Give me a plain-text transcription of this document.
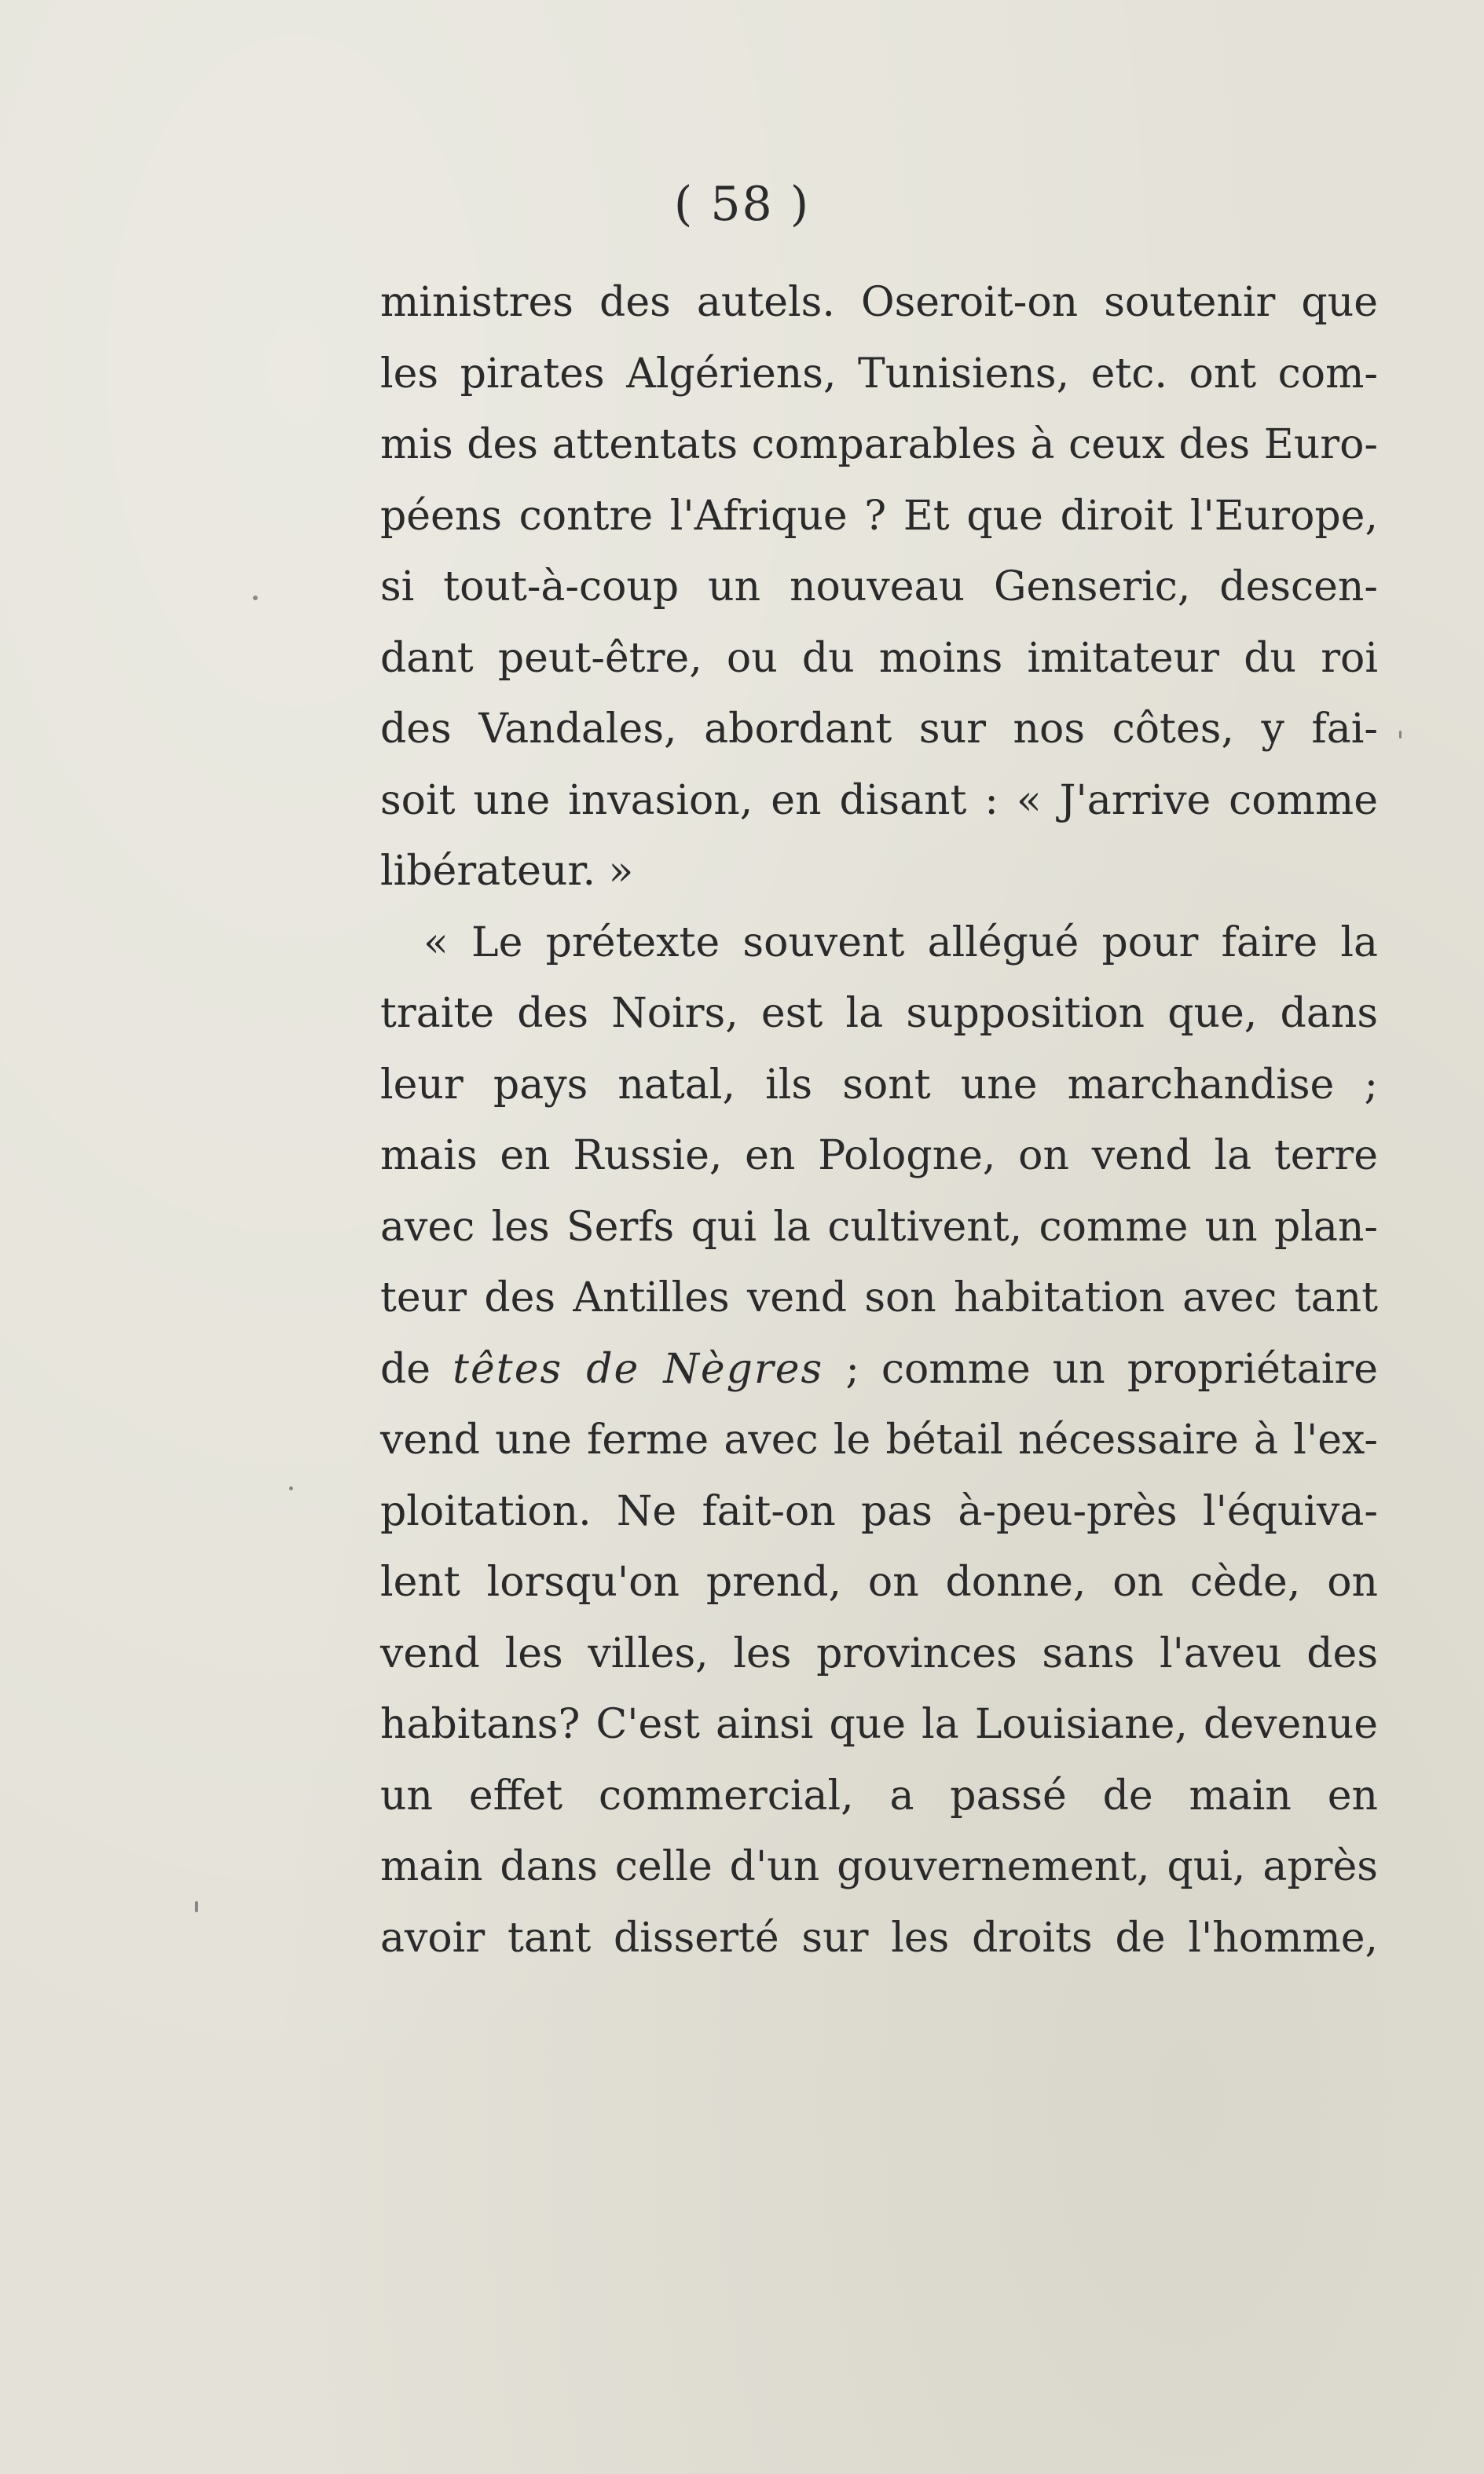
( 58 )
ministres des autels. Oseroit-on soutenir que
les pirates Algériens, Tunisiens, etc. ont com-
mis des attentats comparables à ceux des Euro-
péens contre l'Afrique ? Et que diroit l'Europe,
si tout-à-coup un nouveau Genseric, descen-
dant peut-être, ou du moins imitateur du roi
des Vandales, abordant sur nos côtes, y fai-
soit une invasion, en disant : « J'arrive comme
libérateur. »
« Le prétexte souvent allégué pour faire la
traite des Noirs, est la supposition que, dans
leur pays natal, ils sont une marchandise ;
mais en Russie, en Pologne, on vend la terre
avec les Serfs qui la cultivent, comme un plan-
teur des Antilles vend son habitation avec tant
de têtes de Nègres ; comme un propriétaire
vend une ferme avec le bétail nécessaire à l'ex-
ploitation. Ne fait-on pas à-peu-près l'équiva-
lent lorsqu'on prend, on donne, on cède, on
vend les villes, les provinces sans l'aveu des
habitans? C'est ainsi que la Louisiane, devenue
un effet commercial, a passé de main en
main dans celle d'un gouvernement, qui, après
avoir tant disserté sur les droits de l'homme,
